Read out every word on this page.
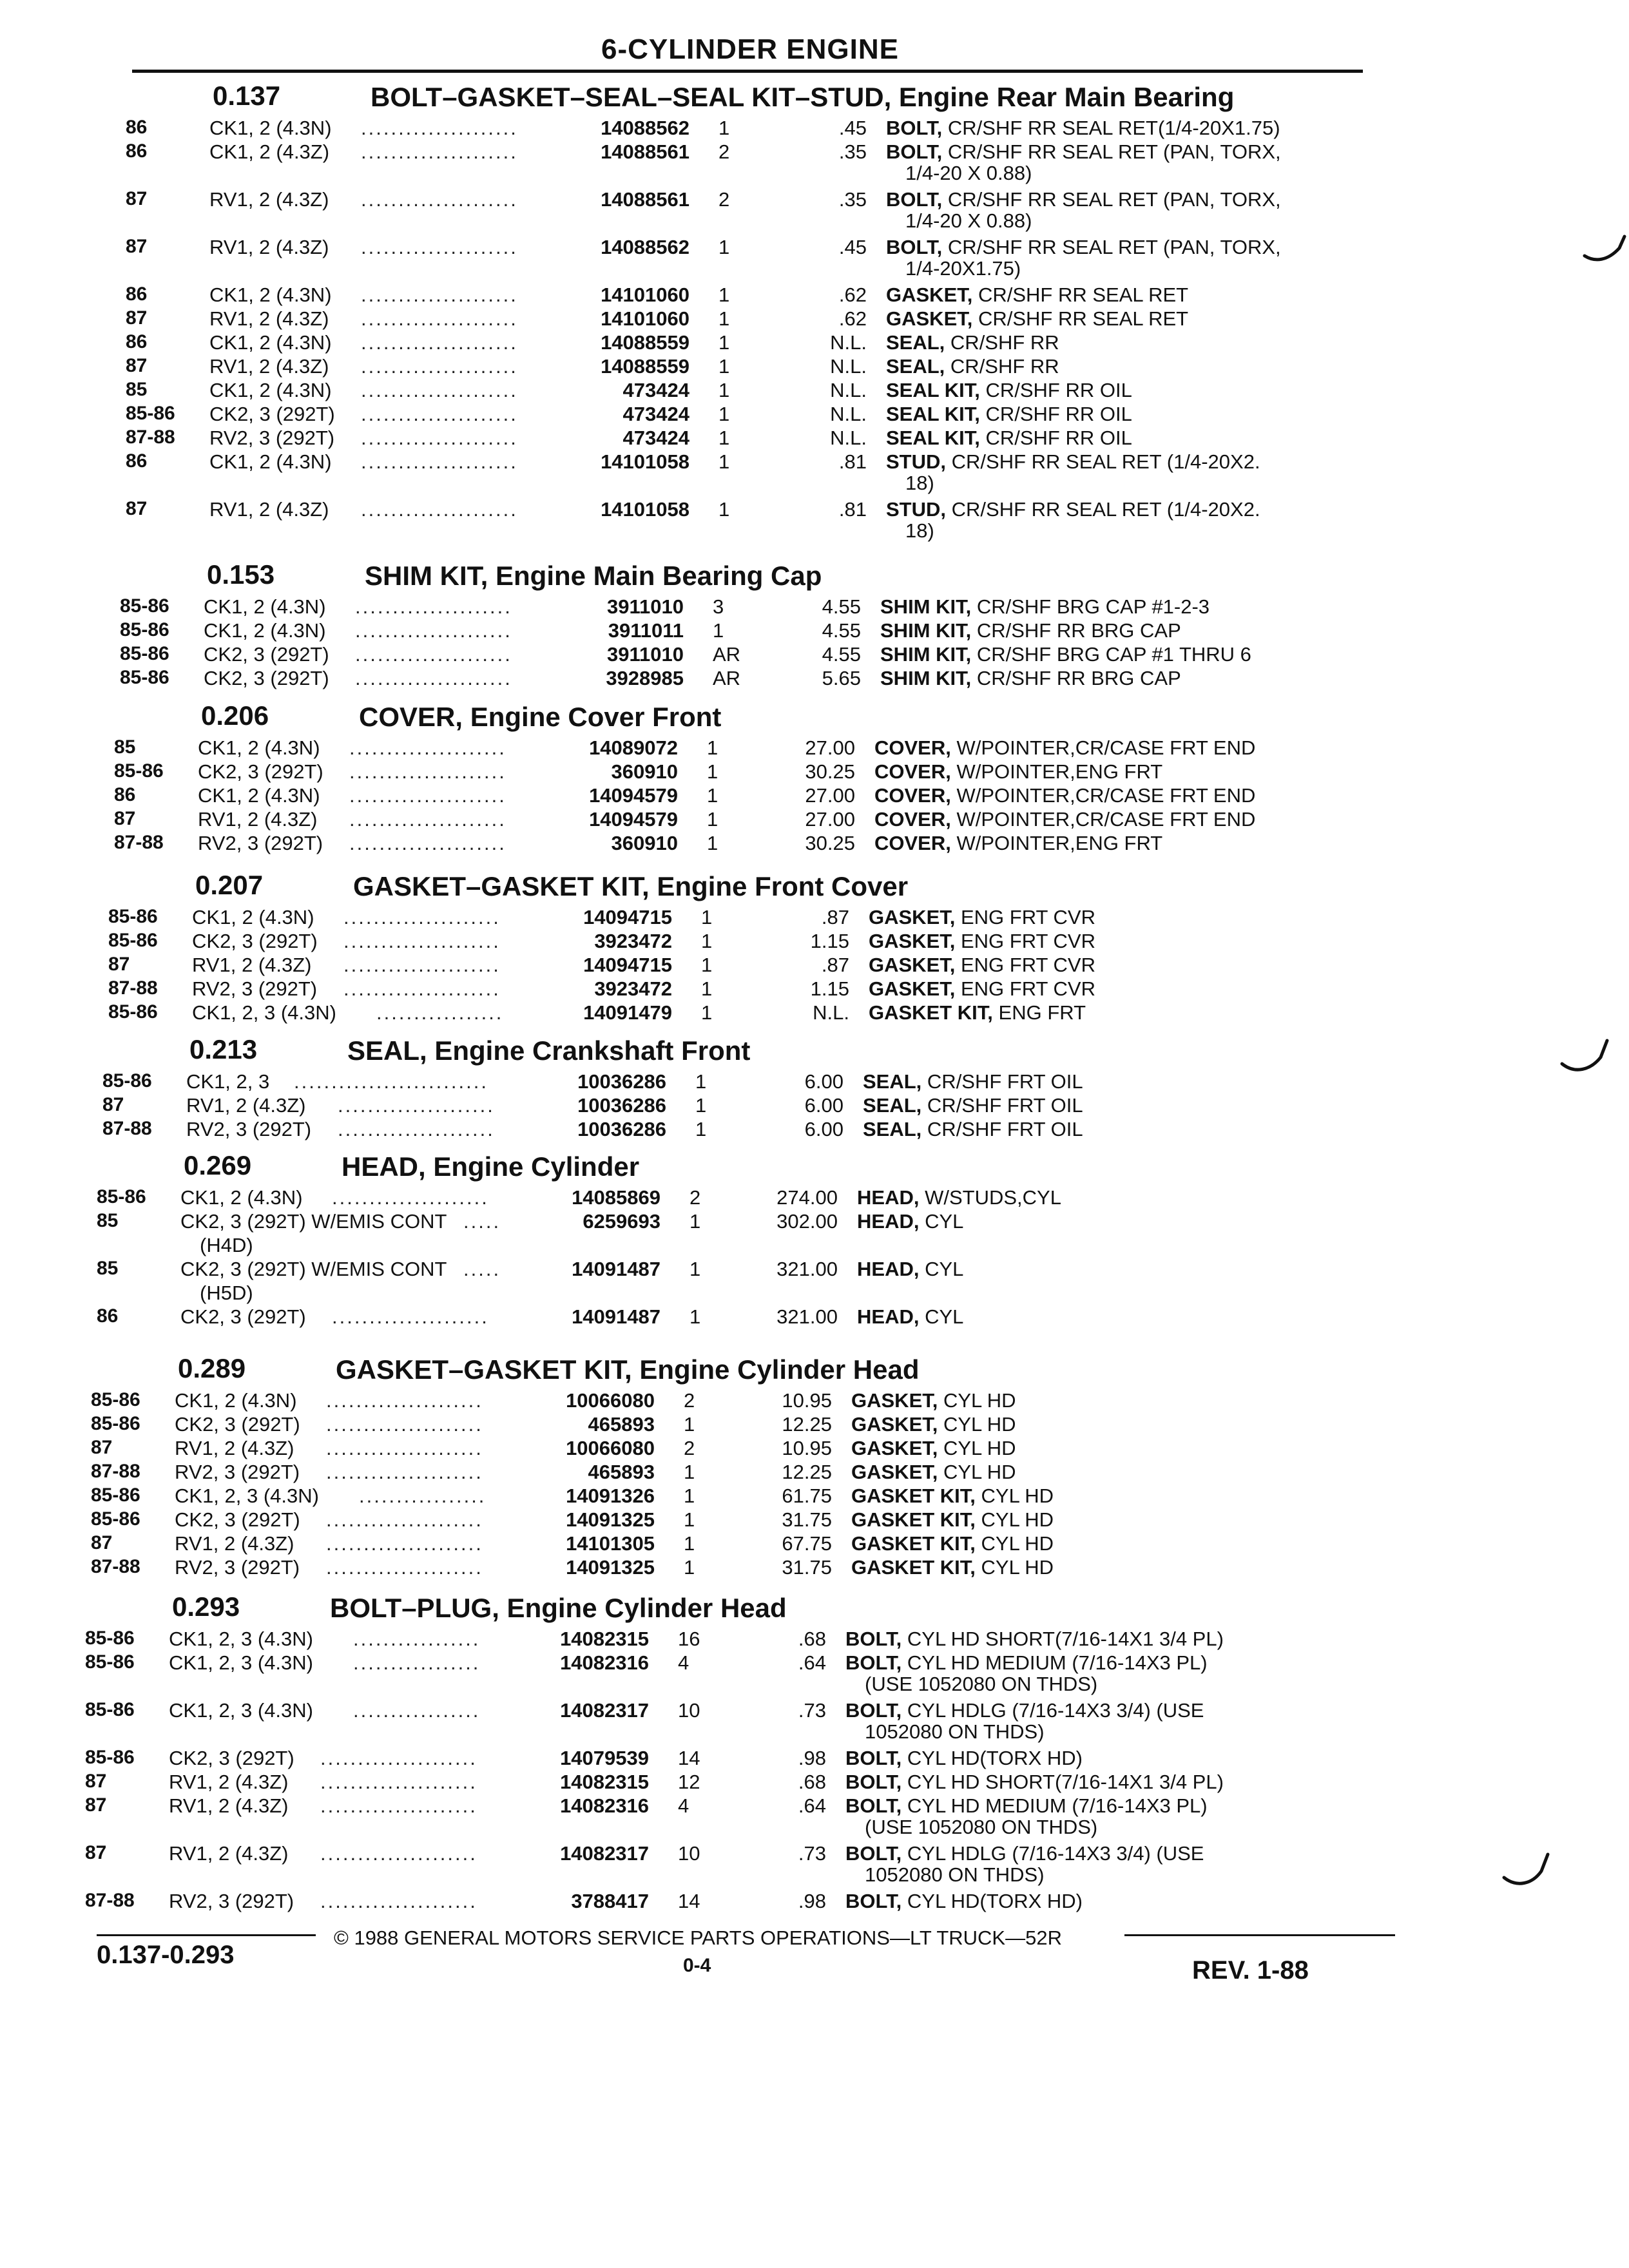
6-CYLINDER ENGINE
0.137	BOLT–GASKET–SEAL–SEAL KIT–STUD, Engine Rear Main Bearing
86	CK1, 2 (4.3N) .....................	14088562 1	.45 BOLT, CR/SHF RR SEAL RET(1/4-20X1.75)
86	CK1, 2 (4.3Z) .....................	14088561 2	.35 BOLT, CR/SHF RR SEAL RET (PAN, TORX,
1/4-20 X 0.88)
87	RV1, 2 (4.3Z) .....................	14088561 2	.35 BOLT, CR/SHF RR SEAL RET (PAN, TORX,
1/4-20 X 0.88)
87	RV1, 2 (4.3Z) .....................	14088562 1	.45 BOLT, CR/SHF RR SEAL RET (PAN, TORX,
1/4-20X1.75)
86	CK1, 2 (4.3N) .....................	14101060 1	.62 GASKET, CR/SHF RR SEAL RET
87	RV1, 2 (4.3Z) .....................	14101060 1	.62 GASKET, CR/SHF RR SEAL RET
86	CK1, 2 (4.3N) .....................	14088559 1	N.L. SEAL, CR/SHF RR
87	RV1, 2 (4.3Z) .....................	14088559 1	N.L. SEAL, CR/SHF RR
85	CK1, 2 (4.3N) .....................	473424 1	N.L. SEAL KIT, CR/SHF RR OIL
85-86 CK2, 3 (292T) .....................	473424 1	N.L. SEAL KIT, CR/SHF RR OIL
87-88 RV2, 3 (292T) .....................	473424 1	N.L. SEAL KIT, CR/SHF RR OIL
86	CK1, 2 (4.3N) .....................	14101058 1	.81 STUD, CR/SHF RR SEAL RET (1/4-20X2.
18)
87	RV1, 2 (4.3Z) .....................	14101058 1	.81 STUD, CR/SHF RR SEAL RET (1/4-20X2.
18)
0.153	SHIM KIT, Engine Main Bearing Cap
85-86 CK1, 2 (4.3N) .....................	3911010 3	4.55 SHIM KIT, CR/SHF BRG CAP #1-2-3
85-86 CK1, 2 (4.3N) .....................	3911011 1	4.55 SHIM KIT, CR/SHF RR BRG CAP
85-86 CK2, 3 (292T) .....................	3911010 AR	4.55 SHIM KIT, CR/SHF BRG CAP #1 THRU 6
85-86 CK2, 3 (292T) .....................	3928985 AR	5.65 SHIM KIT, CR/SHF RR BRG CAP
0.206	COVER, Engine Cover Front
85	CK1, 2 (4.3N) .....................	14089072 1	27.00 COVER, W/POINTER,CR/CASE FRT END
85-86 CK2, 3 (292T) .....................	360910 1	30.25 COVER, W/POINTER,ENG FRT
86	CK1, 2 (4.3N) .....................	14094579 1	27.00 COVER, W/POINTER,CR/CASE FRT END
87	RV1, 2 (4.3Z) .....................	14094579 1	27.00 COVER, W/POINTER,CR/CASE FRT END
87-88 RV2, 3 (292T) .....................	360910 1	30.25 COVER, W/POINTER,ENG FRT
0.207	GASKET–GASKET KIT, Engine Front Cover
85-86 CK1, 2 (4.3N) .....................	14094715 1	.87 GASKET, ENG FRT CVR
85-86 CK2, 3 (292T) .....................	3923472 1	1.15 GASKET, ENG FRT CVR
87	RV1, 2 (4.3Z) .....................	14094715 1	.87 GASKET, ENG FRT CVR
87-88 RV2, 3 (292T) .....................	3923472 1	1.15 GASKET, ENG FRT CVR
85-86 CK1, 2, 3 (4.3N) .................	14091479 1	N.L. GASKET KIT, ENG FRT
0.213	SEAL, Engine Crankshaft Front
85-86 CK1, 2, 3 ..........................	10036286 1	6.00 SEAL, CR/SHF FRT OIL
87	RV1, 2 (4.3Z) .....................	10036286 1	6.00 SEAL, CR/SHF FRT OIL
87-88 RV2, 3 (292T) .....................	10036286 1	6.00 SEAL, CR/SHF FRT OIL
0.269	HEAD, Engine Cylinder
85-86 CK1, 2 (4.3N) .....................	14085869 2	274.00 HEAD, W/STUDS,CYL
85	CK2, 3 (292T) W/EMIS CONT .....	6259693 1	302.00 HEAD, CYL
(H4D)
85	CK2, 3 (292T) W/EMIS CONT .....	14091487 1	321.00 HEAD, CYL
(H5D)
86	CK2, 3 (292T) .....................	14091487 1	321.00 HEAD, CYL
0.289	GASKET–GASKET KIT, Engine Cylinder Head
85-86 CK1, 2 (4.3N) .....................	10066080 2	10.95 GASKET, CYL HD
85-86 CK2, 3 (292T) .....................	465893 1	12.25 GASKET, CYL HD
87	RV1, 2 (4.3Z) .....................	10066080 2	10.95 GASKET, CYL HD
87-88 RV2, 3 (292T) .....................	465893 1	12.25 GASKET, CYL HD
85-86 CK1, 2, 3 (4.3N) .................	14091326 1	61.75 GASKET KIT, CYL HD
85-86 CK2, 3 (292T) .....................	14091325 1	31.75 GASKET KIT, CYL HD
87	RV1, 2 (4.3Z) .....................	14101305 1	67.75 GASKET KIT, CYL HD
87-88 RV2, 3 (292T) .....................	14091325 1	31.75 GASKET KIT, CYL HD
0.293	BOLT–PLUG, Engine Cylinder Head
85-86 CK1, 2, 3 (4.3N) .................	14082315 16	.68 BOLT, CYL HD SHORT(7/16-14X1 3/4 PL)
85-86 CK1, 2, 3 (4.3N) .................	14082316 4	.64 BOLT, CYL HD MEDIUM (7/16-14X3 PL)
(USE 1052080 ON THDS)
85-86 CK1, 2, 3 (4.3N) .................	14082317 10	.73 BOLT, CYL HDLG (7/16-14X3 3/4) (USE
1052080 ON THDS)
85-86 CK2, 3 (292T) .....................	14079539 14	.98 BOLT, CYL HD(TORX HD)
87	RV1, 2 (4.3Z) .....................	14082315 12	.68 BOLT, CYL HD SHORT(7/16-14X1 3/4 PL)
87	RV1, 2 (4.3Z) .....................	14082316 4	.64 BOLT, CYL HD MEDIUM (7/16-14X3 PL)
(USE 1052080 ON THDS)
87	RV1, 2 (4.3Z) .....................	14082317 10	.73 BOLT, CYL HDLG (7/16-14X3 3/4) (USE
1052080 ON THDS)
87-88 RV2, 3 (292T) .....................	3788417 14	.98 BOLT, CYL HD(TORX HD)
0.137-0.293
© 1988 GENERAL MOTORS SERVICE PARTS OPERATIONS—LT TRUCK—52R
0-4	REV. 1-88
